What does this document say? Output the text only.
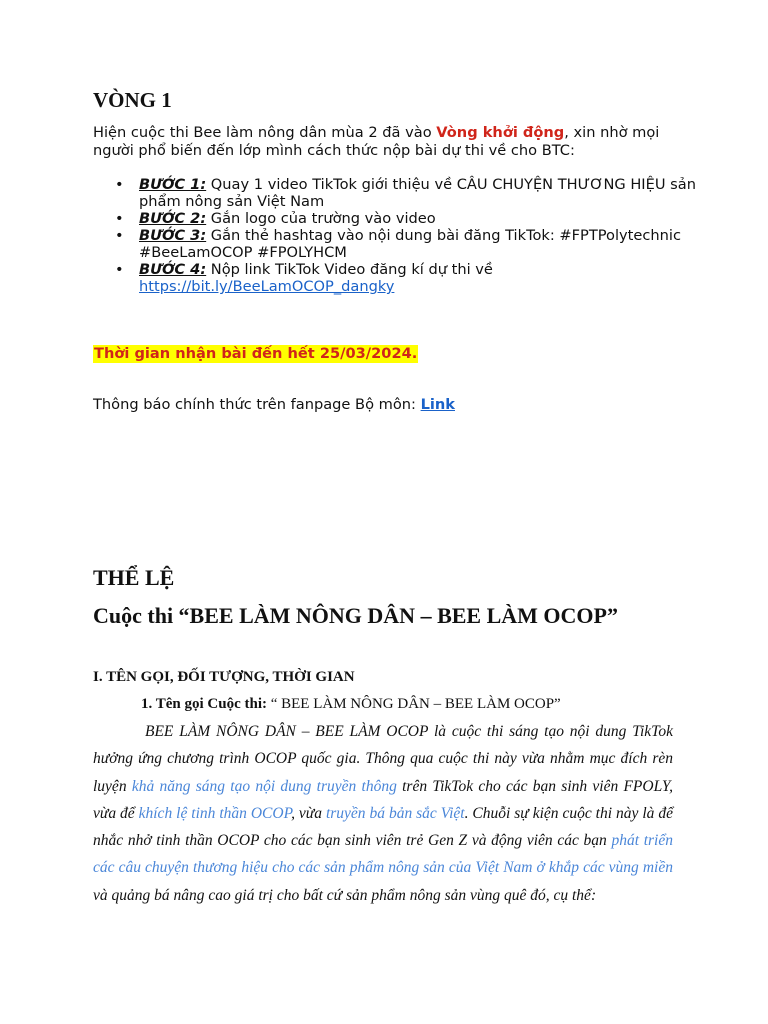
VÒNG 1

Hiện cuộc thi Bee làm nông dân mùa 2 đã vào Vòng khởi động, xin nhờ mọi người phổ biến đến lớp mình cách thức nộp bài dự thi về cho BTC:

• BƯỚC 1: Quay 1 video TikTok giới thiệu về CÂU CHUYỆN THƯƠNG HIỆU sản phẩm nông sản Việt Nam
• BƯỚC 2: Gắn logo của trường vào video
• BƯỚC 3: Gắn thẻ hashtag vào nội dung bài đăng TikTok: #FPTPolytechnic #BeeLamOCOP #FPOLYHCM
• BƯỚC 4: Nộp link TikTok Video đăng kí dự thi về https://bit.ly/BeeLamOCOP_dangky

Thời gian nhận bài đến hết 25/03/2024.

Thông báo chính thức trên fanpage Bộ môn: Link

THỂ LỆ
Cuộc thi “BEE LÀM NÔNG DÂN – BEE LÀM OCOP”
I. TÊN GỌI, ĐỐI TƯỢNG, THỜI GIAN

1. Tên gọi Cuộc thi: “ BEE LÀM NÔNG DÂN – BEE LÀM OCOP”

BEE LÀM NÔNG DÂN – BEE LÀM OCOP là cuộc thi sáng tạo nội dung TikTok hưởng ứng chương trình OCOP quốc gia. Thông qua cuộc thi này vừa nhằm mục đích rèn luyện khả năng sáng tạo nội dung truyền thông trên TikTok cho các bạn sinh viên FPOLY, vừa để khích lệ tinh thần OCOP, vừa truyền bá bản sắc Việt. Chuỗi sự kiện cuộc thi này là để nhắc nhở tinh thần OCOP cho các bạn sinh viên trẻ Gen Z và động viên các bạn phát triển các câu chuyện thương hiệu cho các sản phẩm nông sản của Việt Nam ở khắp các vùng miền và quảng bá nâng cao giá trị cho bất cứ sản phẩm nông sản vùng quê đó, cụ thể:
